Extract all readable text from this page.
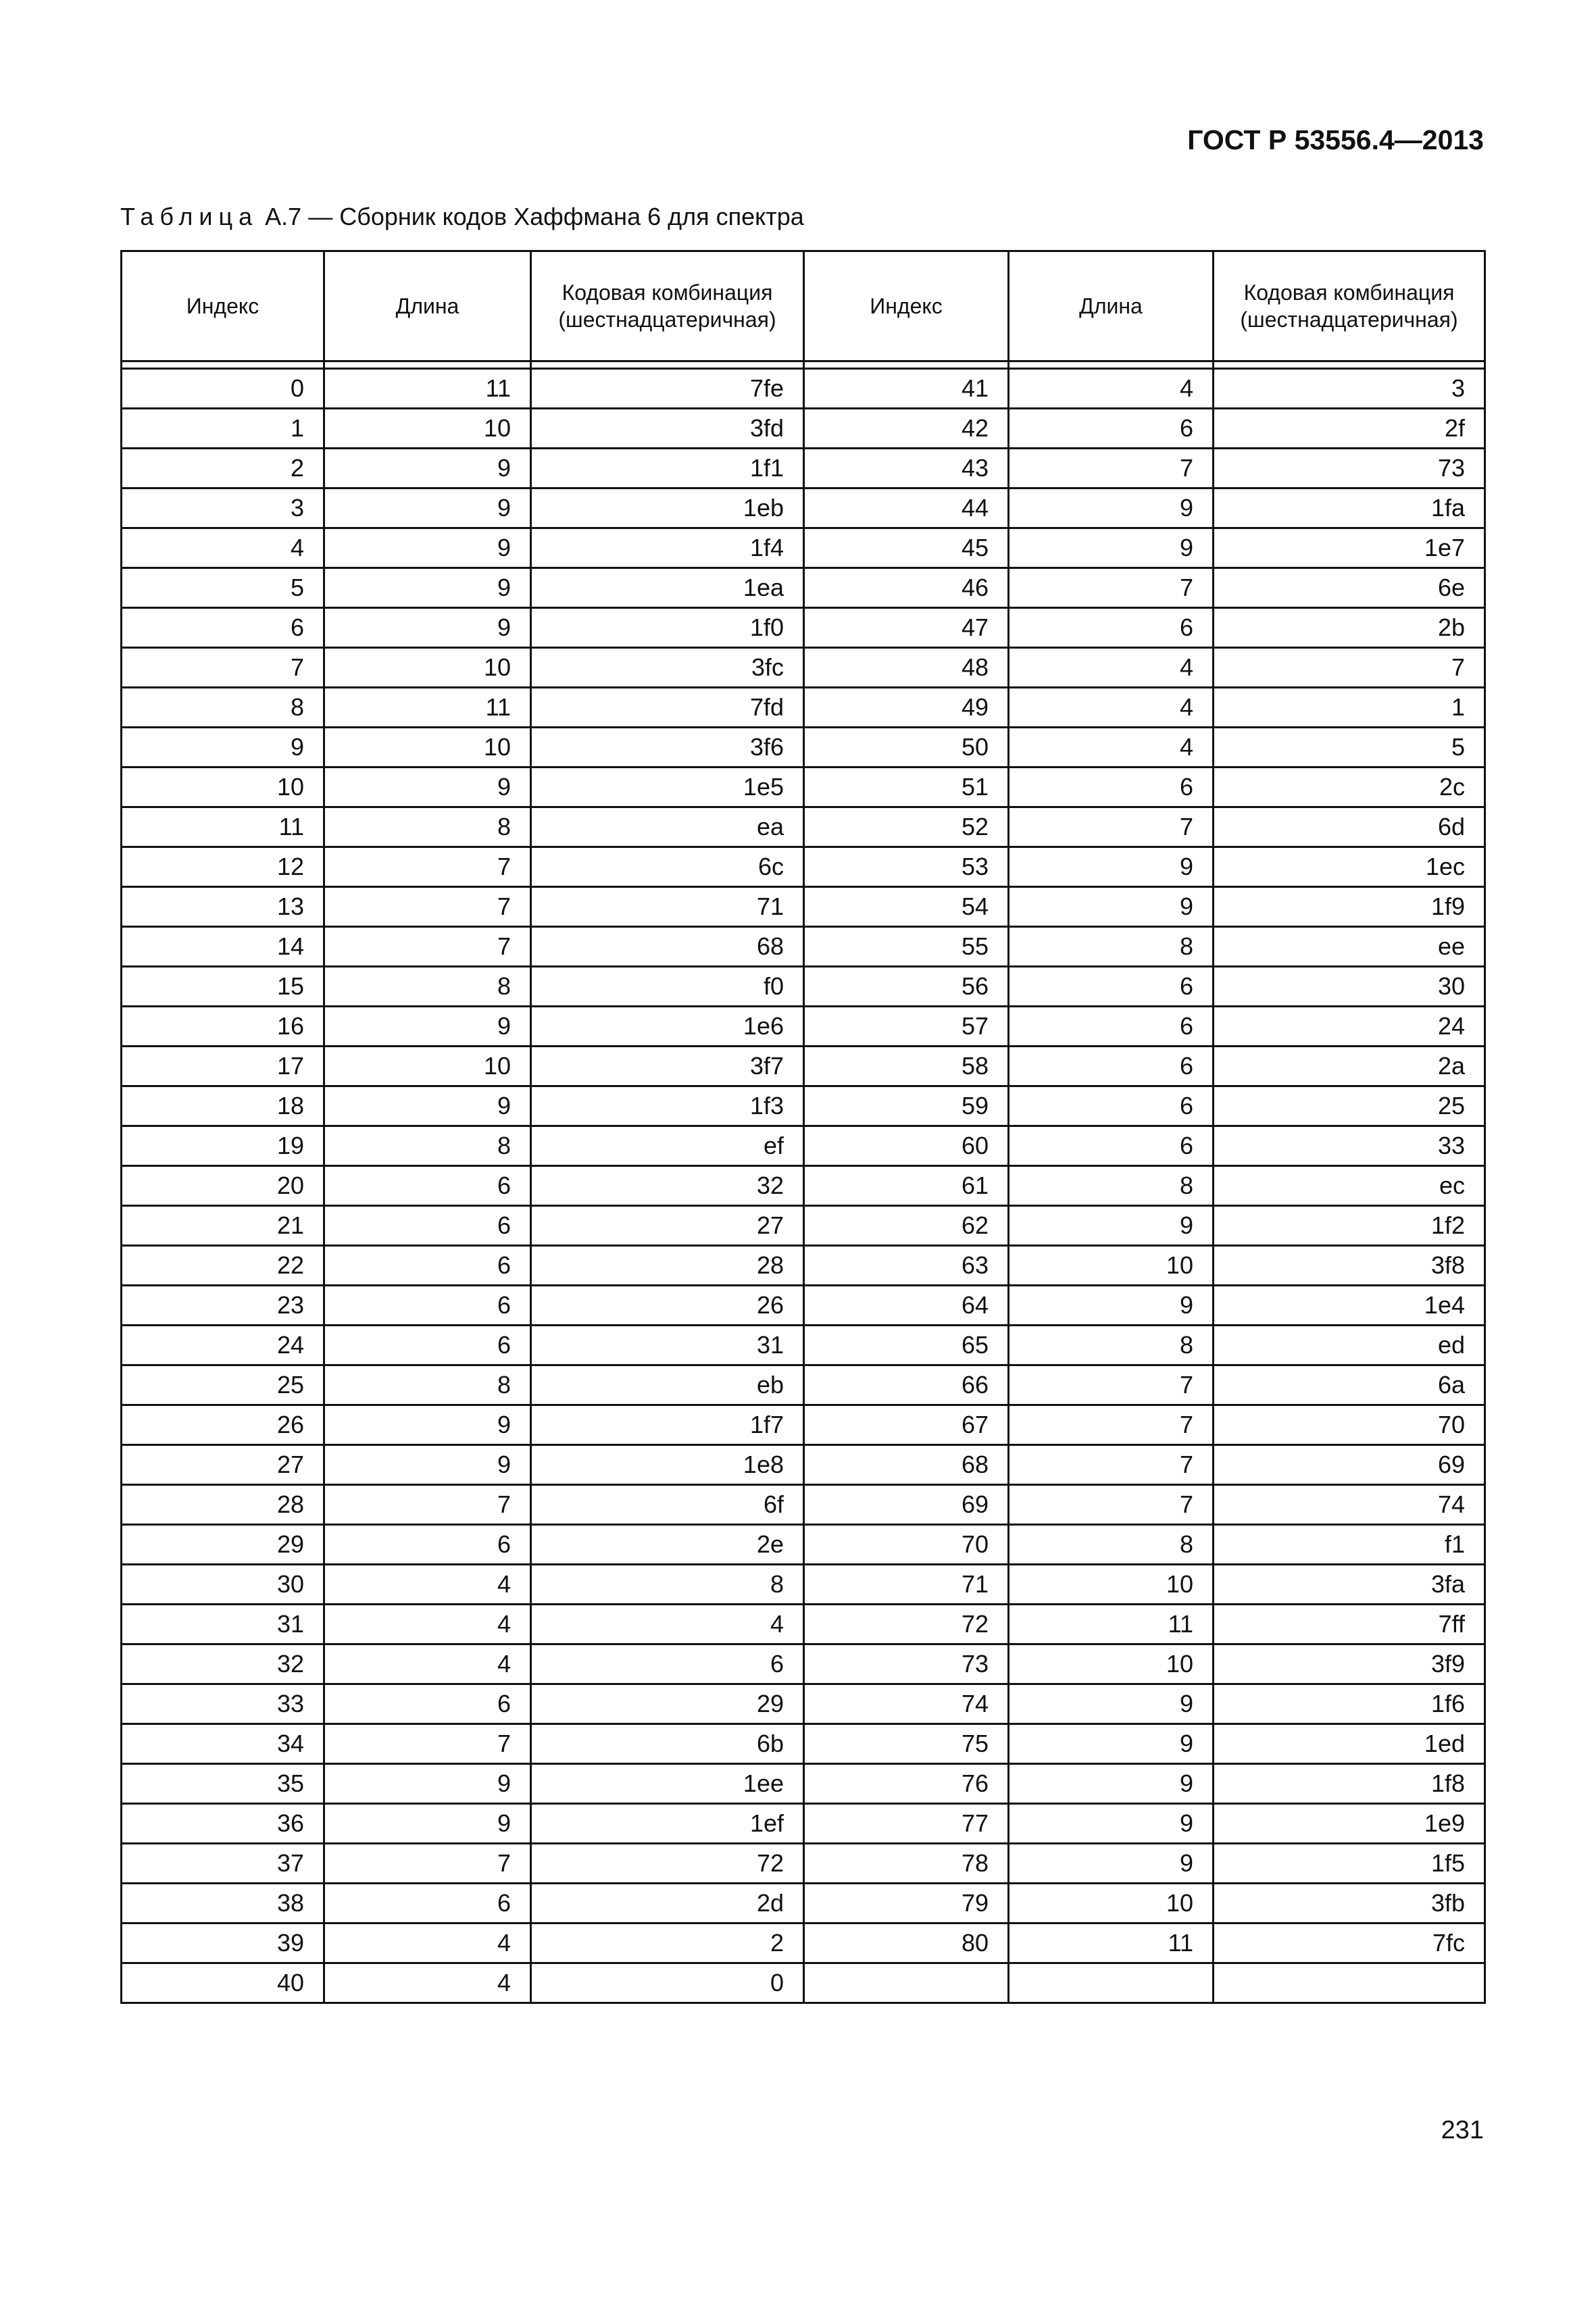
ГОСТ Р 53556.4—2013
Таблица А.7 — Сборник кодов Хаффмана 6 для спектра
Индекс	Длина	Кодовая комбинация (шестнадцатеричная)	Индекс	Длина	Кодовая комбинация (шестнадцатеричная)

0	11	7fe	41	4	3
1	10	3fd	42	6	2f
2	9	1f1	43	7	73
3	9	1eb	44	9	1fa
4	9	1f4	45	9	1e7
5	9	1ea	46	7	6e
6	9	1f0	47	6	2b
7	10	3fc	48	4	7
8	11	7fd	49	4	1
9	10	3f6	50	4	5
10	9	1e5	51	6	2c
11	8	ea	52	7	6d
12	7	6c	53	9	1ec
13	7	71	54	9	1f9
14	7	68	55	8	ee
15	8	f0	56	6	30
16	9	1e6	57	6	24
17	10	3f7	58	6	2a
18	9	1f3	59	6	25
19	8	ef	60	6	33
20	6	32	61	8	ec
21	6	27	62	9	1f2
22	6	28	63	10	3f8
23	6	26	64	9	1e4
24	6	31	65	8	ed
25	8	eb	66	7	6a
26	9	1f7	67	7	70
27	9	1e8	68	7	69
28	7	6f	69	7	74
29	6	2e	70	8	f1
30	4	8	71	10	3fa
31	4	4	72	11	7ff
32	4	6	73	10	3f9
33	6	29	74	9	1f6
34	7	6b	75	9	1ed
35	9	1ee	76	9	1f8
36	9	1ef	77	9	1e9
37	7	72	78	9	1f5
38	6	2d	79	10	3fb
39	4	2	80	11	7fc
40	4	0			
231
